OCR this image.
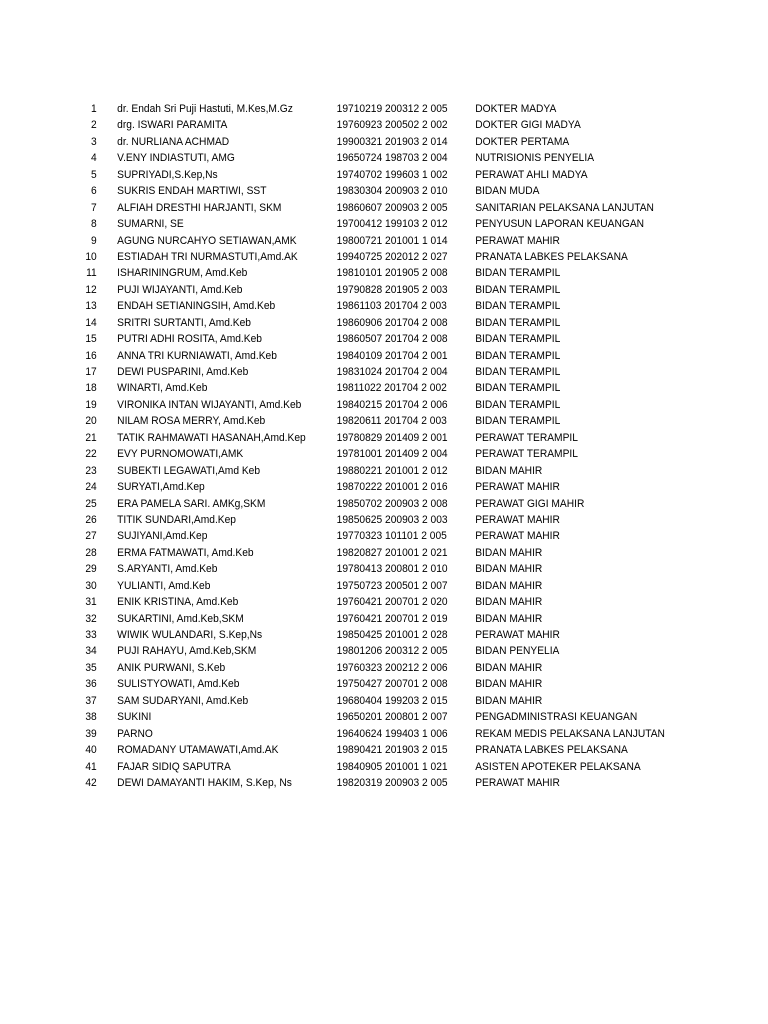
1 dr. Endah Sri Puji Hastuti, M.Kes,M.Gz	19710219 200312 2 005	DOKTER MADYA
2 drg. ISWARI PARAMITA	19760923 200502 2 002	DOKTER GIGI MADYA
3 dr. NURLIANA ACHMAD	19900321 201903 2 014	DOKTER PERTAMA
4 V.ENY INDIASTUTI, AMG	19650724 198703 2 004	NUTRISIONIS PENYELIA
5 SUPRIYADI,S.Kep,Ns	19740702 199603 1 002	PERAWAT AHLI MADYA
6 SUKRIS ENDAH MARTIWI, SST	19830304 200903 2 010	BIDAN MUDA
7 ALFIAH DRESTHI HARJANTI, SKM	19860607 200903 2 005	SANITARIAN PELAKSANA LANJUTAN
8 SUMARNI, SE	19700412 199103 2 012	PENYUSUN LAPORAN KEUANGAN
9 AGUNG NURCAHYO SETIAWAN,AMK	19800721 201001 1 014	PERAWAT MAHIR
10 ESTIADAH TRI NURMASTUTI,Amd.AK	19940725 202012 2 027	PRANATA LABKES PELAKSANA
11 ISHARININGRUM, Amd.Keb	19810101 201905 2 008	BIDAN TERAMPIL
12 PUJI WIJAYANTI, Amd.Keb	19790828 201905 2 003	BIDAN TERAMPIL
13 ENDAH SETIANINGSIH, Amd.Keb	19861103 201704 2 003	BIDAN TERAMPIL
14 SRITRI SURTANTI, Amd.Keb	19860906 201704 2 008	BIDAN TERAMPIL
15 PUTRI ADHI ROSITA, Amd.Keb	19860507 201704 2 008	BIDAN TERAMPIL
16 ANNA TRI KURNIAWATI, Amd.Keb	19840109 201704 2 001	BIDAN TERAMPIL
17 DEWI PUSPARINI, Amd.Keb	19831024 201704 2 004	BIDAN TERAMPIL
18 WINARTI, Amd.Keb	19811022 201704 2 002	BIDAN TERAMPIL
19 VIRONIKA INTAN WIJAYANTI, Amd.Keb	19840215 201704 2 006	BIDAN TERAMPIL
20 NILAM ROSA MERRY, Amd.Keb	19820611 201704 2 003	BIDAN TERAMPIL
21 TATIK RAHMAWATI HASANAH,Amd.Kep	19780829 201409 2 001	PERAWAT TERAMPIL
22 EVY PURNOMOWATI,AMK	19781001 201409 2 004	PERAWAT TERAMPIL
23 SUBEKTI LEGAWATI,Amd Keb	19880221 201001 2 012	BIDAN MAHIR
24 SURYATI,Amd.Kep	19870222 201001 2 016	PERAWAT MAHIR
25 ERA PAMELA SARI. AMKg,SKM	19850702 200903 2 008	PERAWAT GIGI MAHIR
26 TITIK SUNDARI,Amd.Kep	19850625 200903 2 003	PERAWAT MAHIR
27 SUJIYANI,Amd.Kep	19770323 101101 2 005	PERAWAT MAHIR
28 ERMA FATMAWATI, Amd.Keb	19820827 201001 2 021	BIDAN MAHIR
29 S.ARYANTI, Amd.Keb	19780413 200801 2 010	BIDAN MAHIR
30 YULIANTI, Amd.Keb	19750723 200501 2 007	BIDAN MAHIR
31 ENIK KRISTINA, Amd.Keb	19760421 200701 2 020	BIDAN MAHIR
32 SUKARTINI, Amd.Keb,SKM	19760421 200701 2 019	BIDAN MAHIR
33 WIWIK WULANDARI, S.Kep,Ns	19850425 201001 2 028	PERAWAT MAHIR
34 PUJI RAHAYU, Amd.Keb,SKM	19801206 200312 2 005	BIDAN PENYELIA
35 ANIK PURWANI, S.Keb	19760323 200212 2 006	BIDAN MAHIR
36 SULISTYOWATI, Amd.Keb	19750427 200701 2 008	BIDAN MAHIR
37 SAM SUDARYANI, Amd.Keb	19680404 199203 2 015	BIDAN MAHIR
38 SUKINI	19650201 200801 2 007	PENGADMINISTRASI KEUANGAN
39 PARNO	19640624 199403 1 006	REKAM MEDIS PELAKSANA LANJUTAN
40 ROMADANY UTAMAWATI,Amd.AK	19890421 201903 2 015	PRANATA LABKES PELAKSANA
41 FAJAR SIDIQ SAPUTRA	19840905 201001 1 021	ASISTEN APOTEKER PELAKSANA
42 DEWI DAMAYANTI HAKIM, S.Kep, Ns	19820319 200903 2 005	PERAWAT MAHIR
